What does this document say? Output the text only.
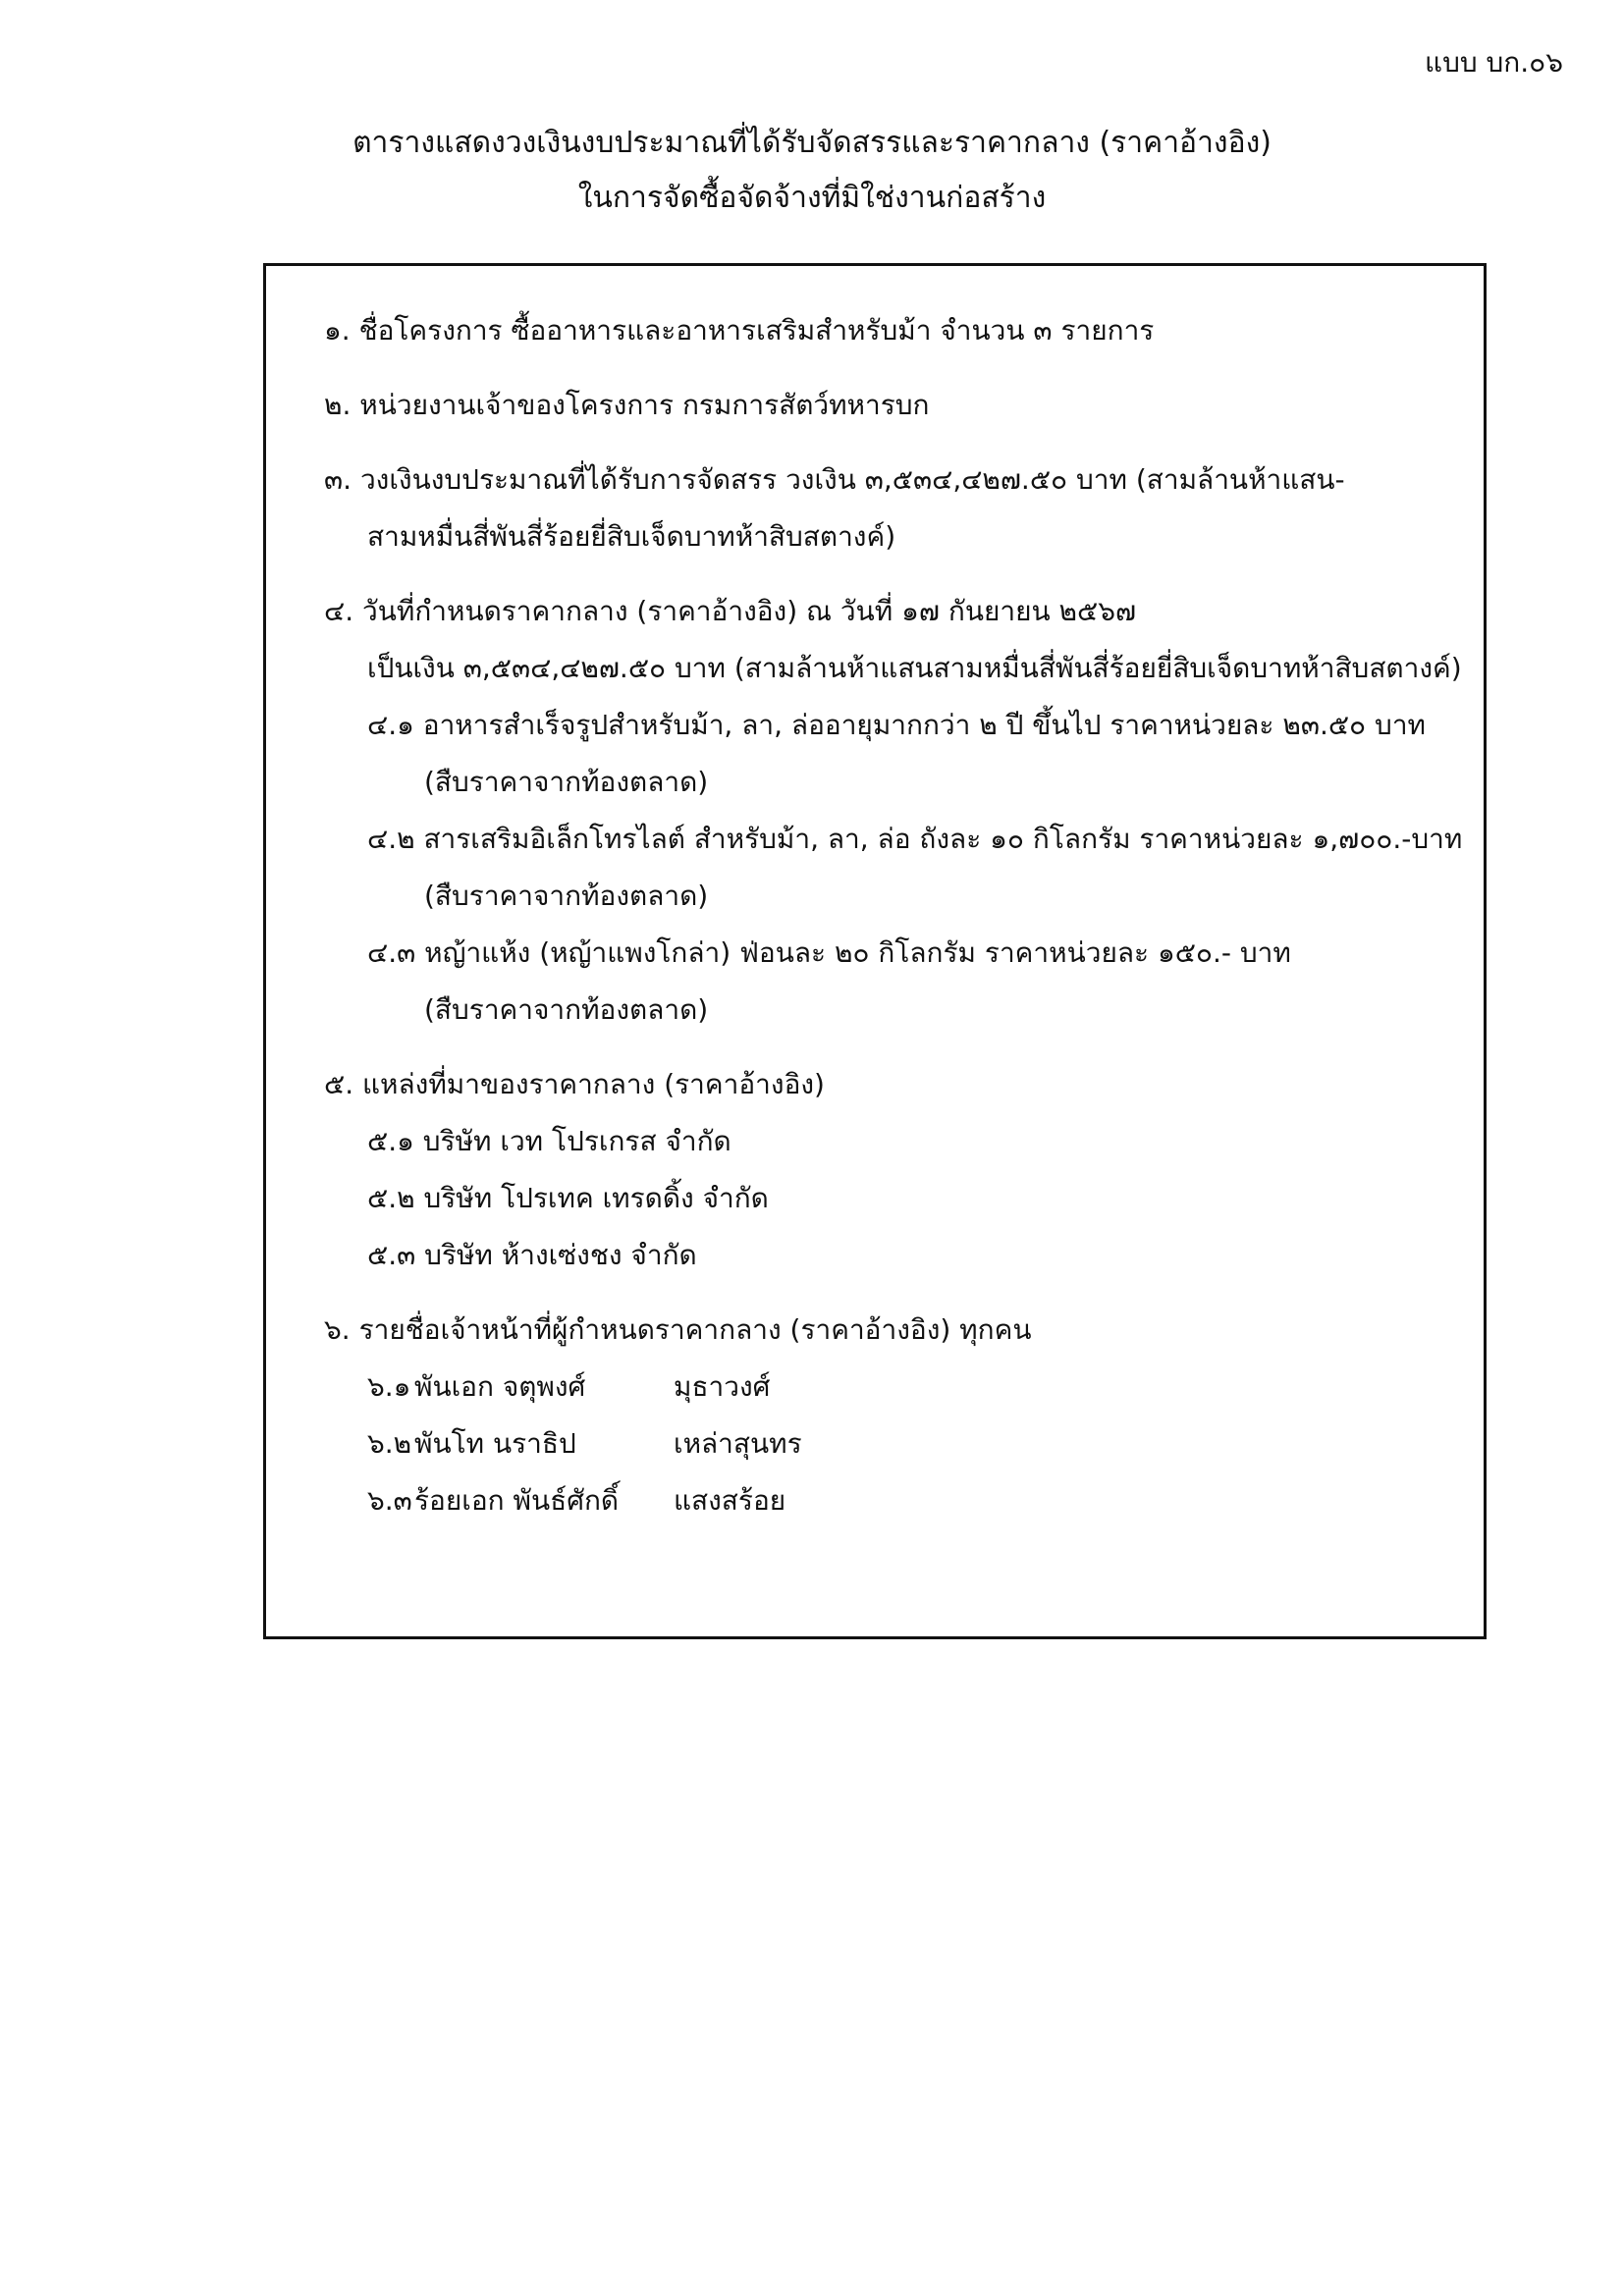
แบบ บก.๐๖
ตารางแสดงวงเงินงบประมาณที่ได้รับจัดสรรและราคากลาง (ราคาอ้างอิง)
ในการจัดซื้อจัดจ้างที่มิใช่งานก่อสร้าง
๑. ชื่อโครงการ ซื้ออาหารและอาหารเสริมสำหรับม้า จำนวน ๓ รายการ
๒. หน่วยงานเจ้าของโครงการ กรมการสัตว์ทหารบก
๓. วงเงินงบประมาณที่ได้รับการจัดสรร วงเงิน ๓,๕๓๔,๔๒๗.๕๐ บาท (สามล้านห้าแสน-
สามหมื่นสี่พันสี่ร้อยยี่สิบเจ็ดบาทห้าสิบสตางค์)
๔. วันที่กำหนดราคากลาง (ราคาอ้างอิง) ณ วันที่ ๑๗ กันยายน ๒๕๖๗
เป็นเงิน ๓,๕๓๔,๔๒๗.๕๐ บาท (สามล้านห้าแสนสามหมื่นสี่พันสี่ร้อยยี่สิบเจ็ดบาทห้าสิบสตางค์)
๔.๑ อาหารสำเร็จรูปสำหรับม้า, ลา, ล่ออายุมากกว่า ๒ ปี ขึ้นไป ราคาหน่วยละ ๒๓.๕๐ บาท
(สืบราคาจากท้องตลาด)
๔.๒ สารเสริมอิเล็กโทรไลต์ สำหรับม้า, ลา, ล่อ ถังละ ๑๐ กิโลกรัม ราคาหน่วยละ ๑,๗๐๐.-บาท
(สืบราคาจากท้องตลาด)
๔.๓ หญ้าแห้ง (หญ้าแพงโกล่า) ฟ่อนละ ๒๐ กิโลกรัม ราคาหน่วยละ ๑๕๐.- บาท
(สืบราคาจากท้องตลาด)
๕. แหล่งที่มาของราคากลาง (ราคาอ้างอิง)
๕.๑ บริษัท เวท โปรเกรส จำกัด
๕.๒ บริษัท โปรเทค เทรดดิ้ง จำกัด
๕.๓ บริษัท ห้างเซ่งชง จำกัด
๖. รายชื่อเจ้าหน้าที่ผู้กำหนดราคากลาง (ราคาอ้างอิง) ทุกคน
๖.๑ พันเอก จตุพงศ์	มุธาวงศ์
๖.๒ พันโท นราธิป	เหล่าสุนทร
๖.๓ ร้อยเอก พันธ์ศักดิ์	แสงสร้อย
